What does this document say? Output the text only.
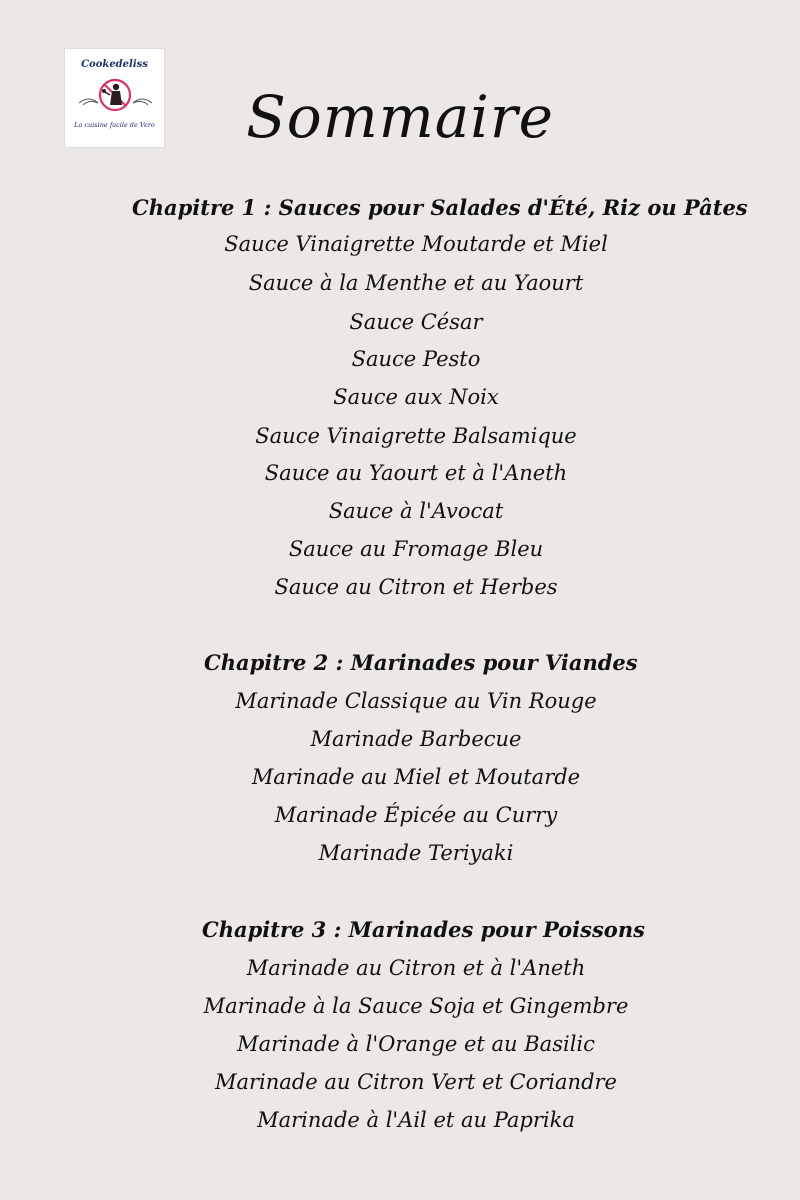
Cookedeliss
La cuisine facile de Vero	Sommaire
Chapitre 1 : Sauces pour Salades d'Été, Riz ou Pâtes
Sauce Vinaigrette Moutarde et Miel
Sauce à la Menthe et au Yaourt
Sauce César
Sauce Pesto
Sauce aux Noix
Sauce Vinaigrette Balsamique
Sauce au Yaourt et à l'Aneth
Sauce à l'Avocat
Sauce au Fromage Bleu
Sauce au Citron et Herbes
Chapitre 2 : Marinades pour Viandes
Marinade Classique au Vin Rouge
Marinade Barbecue
Marinade au Miel et Moutarde
Marinade Épicée au Curry
Marinade Teriyaki
Chapitre 3 : Marinades pour Poissons
Marinade au Citron et à l'Aneth
Marinade à la Sauce Soja et Gingembre
Marinade à l'Orange et au Basilic
Marinade au Citron Vert et Coriandre
Marinade à l'Ail et au Paprika
